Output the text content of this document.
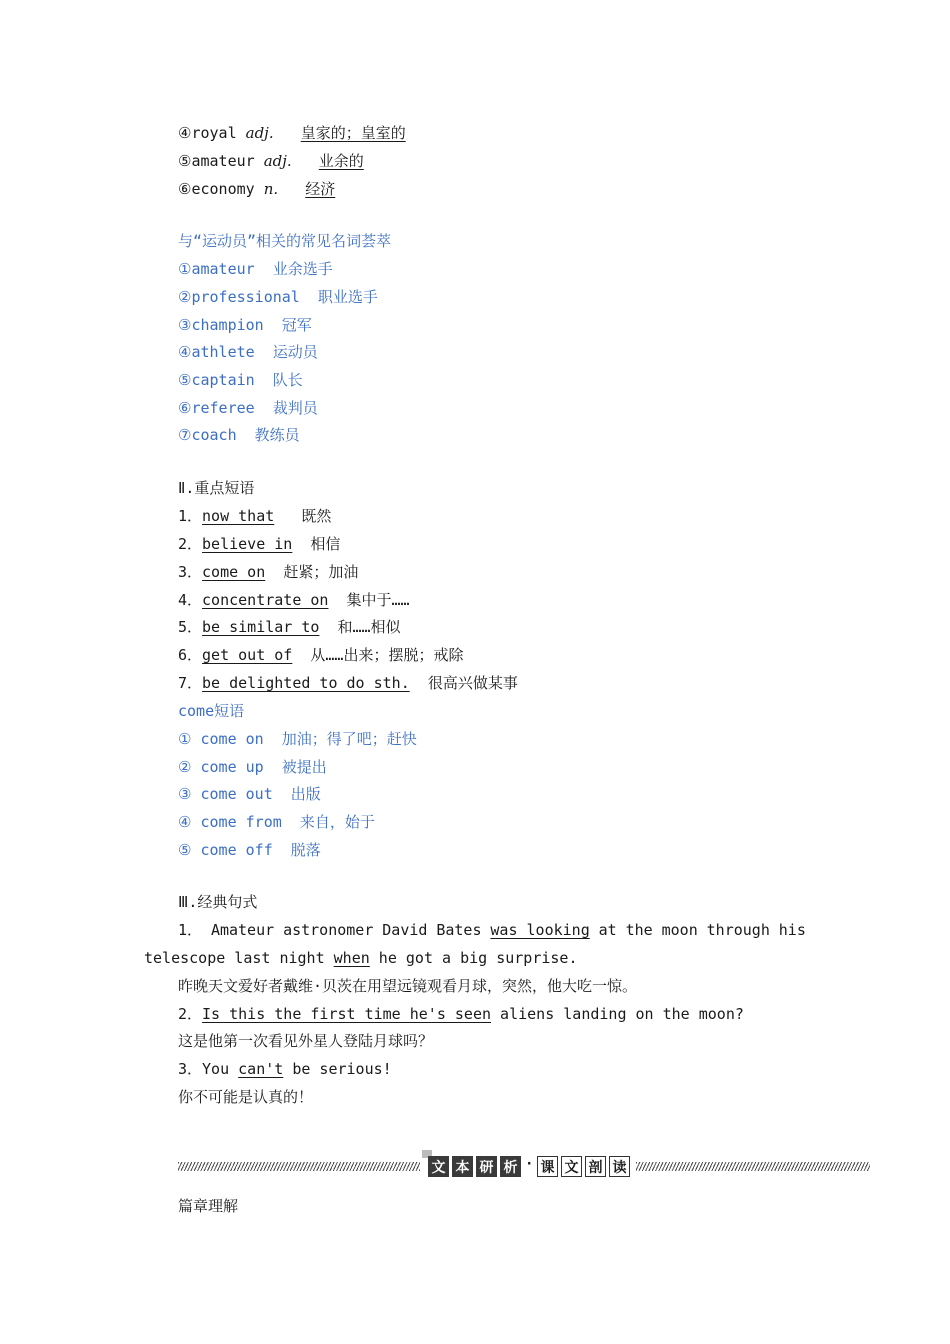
④royal adj. 皇家的；皇室的
⑤amateur adj. 业余的
⑥economy n. 经济
与“运动员”相关的常见名词荟萃
①amateur  业余选手
②professional  职业选手
③champion  冠军
④athlete  运动员
⑤captain  队长
⑥referee  裁判员
⑦coach  教练员
Ⅱ.重点短语
1．now that 既然
2．believe in 相信
3．come on 赶紧；加油
4．concentrate on 集中于……
5．be similar to 和……相似
6．get out of 从……出来；摆脱；戒除
7．be delighted to do sth. 很高兴做某事
come短语
① come on  加油；得了吧；赶快
② come up  被提出
③ come out  出版
④ come from  来自，始于
⑤ come off  脱落
Ⅲ.经典句式
1． Amateur astronomer David Bates was looking at the moon through his
telescope last night when he got a big surprise.
昨晚天文爱好者戴维·贝茨在用望远镜观看月球，突然，他大吃一惊。
2．Is this the first time he's seen aliens landing on the moon?
这是他第一次看见外星人登陆月球吗？
3．You can't be serious!
你不可能是认真的！
文 本 研 析 · 课 文 剖 读
篇章理解
